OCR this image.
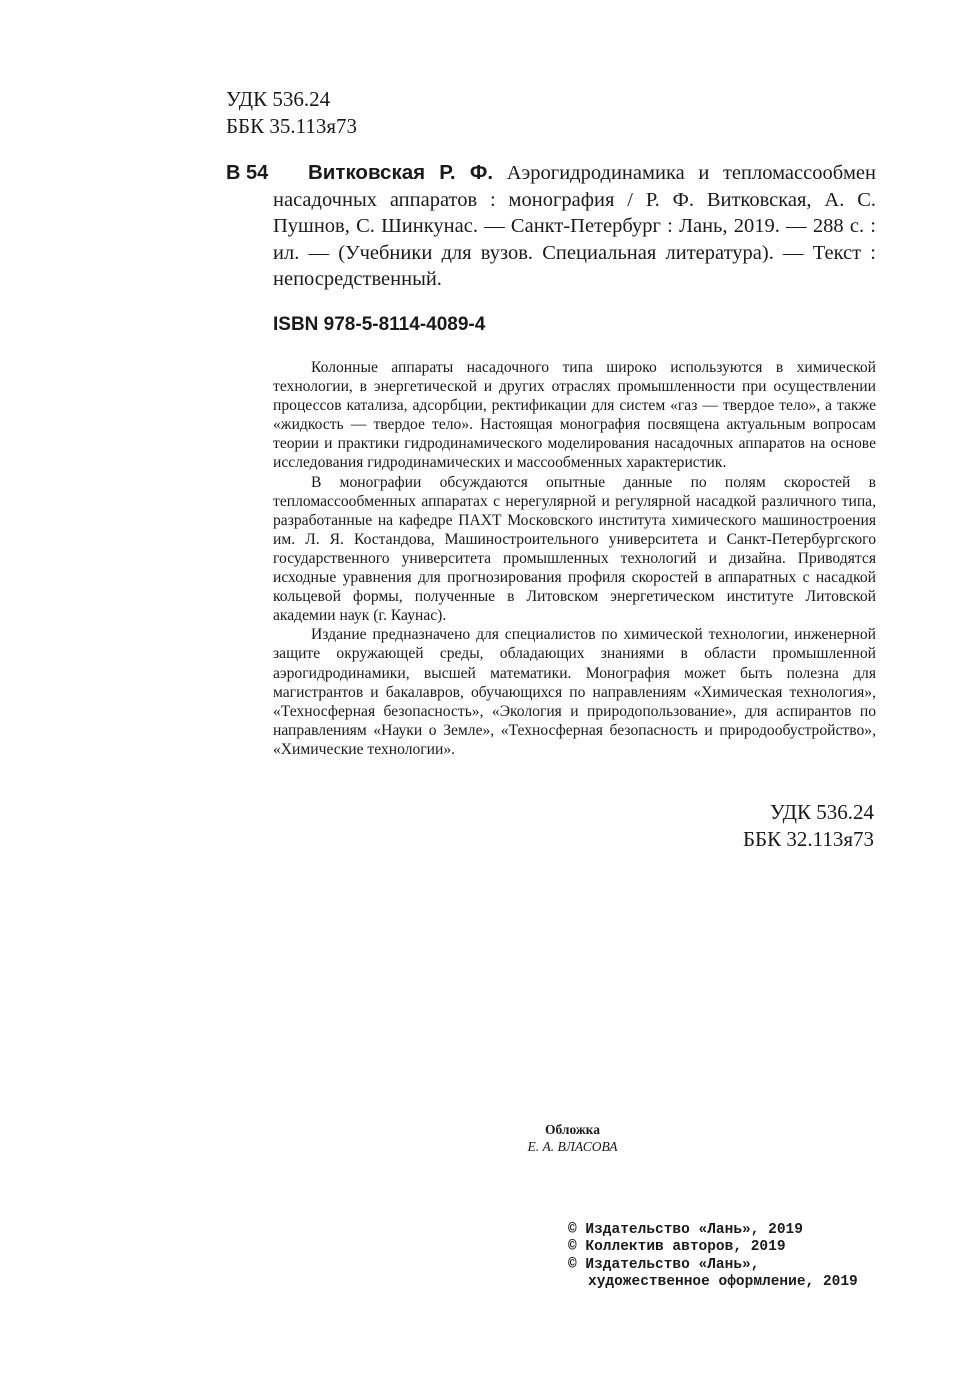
УДК 536.24
ББК 35.113я73
В 54	Витковская Р. Ф. Аэрогидродинамика и тепломассообмен насадочных аппаратов : монография / Р. Ф. Витковская, А. С. Пушнов, С. Шинкунас. — Санкт-Петербург : Лань, 2019. — 288 с. : ил. — (Учебники для вузов. Специальная литература). — Текст : непосредственный.
ISBN 978-5-8114-4089-4

Колонные аппараты насадочного типа широко используются в химической технологии, в энергетической и других отраслях промышленности при осуществлении процессов катализа, адсорбции, ректификации для систем «газ — твердое тело», а также «жидкость — твердое тело». Настоящая монография посвящена актуальным вопросам теории и практики гидродинамического моделирования насадочных аппаратов на основе исследования гидродинамических и массообменных характеристик.

В монографии обсуждаются опытные данные по полям скоростей в тепломассообменных аппаратах с нерегулярной и регулярной насадкой различного типа, разработанные на кафедре ПАХТ Московского института химического машиностроения им. Л. Я. Костандова, Машиностроительного университета и Санкт-Петербургского государственного университета промышленных технологий и дизайна. Приводятся исходные уравнения для прогнозирования профиля скоростей в аппаратных с насадкой кольцевой формы, полученные в Литовском энергетическом институте Литовской академии наук (г. Каунас).

Издание предназначено для специалистов по химической технологии, инженерной защите окружающей среды, обладающих знаниями в области промышленной аэрогидродинамики, высшей математики. Монография может быть полезна для магистрантов и бакалавров, обучающихся по направлениям «Химическая технология», «Техносферная безопасность», «Экология и природопользование», для аспирантов по направлениям «Науки о Земле», «Техносферная безопасность и природообустройство», «Химические технологии».

УДК 536.24
ББК 32.113я73
Обложка
Е. А. ВЛАСОВА
© Издательство «Лань», 2019
© Коллектив авторов, 2019
© Издательство «Лань»,
художественное оформление, 2019
